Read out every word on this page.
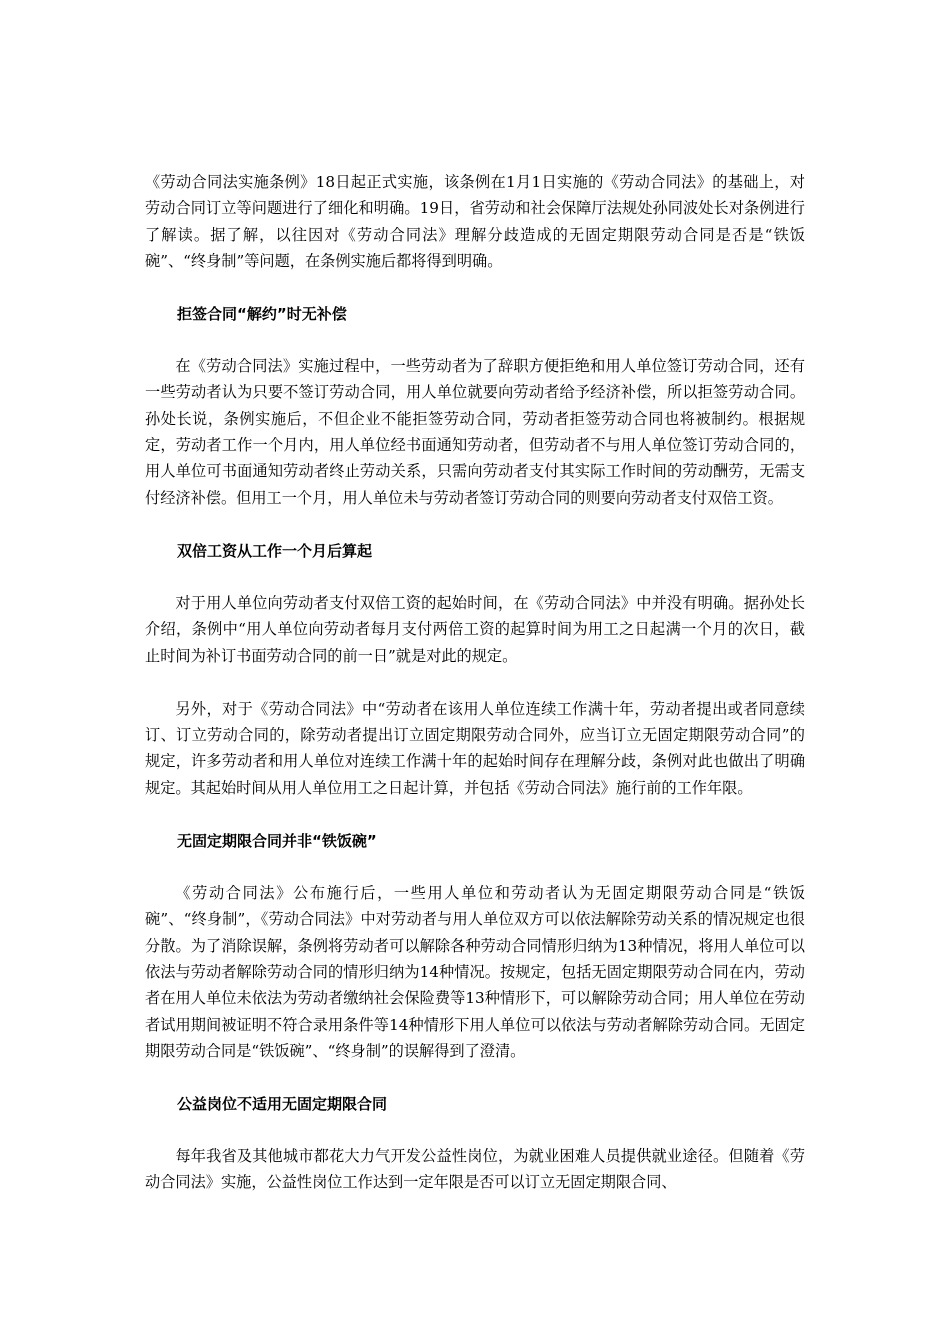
《劳动合同法实施条例》18日起正式实施，该条例在1月1日实施的《劳动合同法》的基础上，对劳动合同订立等问题进行了细化和明确。19日，省劳动和社会保障厅法规处孙同波处长对条例进行了解读。据了解，以往因对《劳动合同法》理解分歧造成的无固定期限劳动合同是否是“铁饭碗”、“终身制”等问题，在条例实施后都将得到明确。

拒签合同“解约”时无补偿

在《劳动合同法》实施过程中，一些劳动者为了辞职方便拒绝和用人单位签订劳动合同，还有一些劳动者认为只要不签订劳动合同，用人单位就要向劳动者给予经济补偿，所以拒签劳动合同。孙处长说，条例实施后，不但企业不能拒签劳动合同，劳动者拒签劳动合同也将被制约。根据规定，劳动者工作一个月内，用人单位经书面通知劳动者，但劳动者不与用人单位签订劳动合同的，用人单位可书面通知劳动者终止劳动关系，只需向劳动者支付其实际工作时间的劳动酬劳，无需支付经济补偿。但用工一个月，用人单位未与劳动者签订劳动合同的则要向劳动者支付双倍工资。

双倍工资从工作一个月后算起

对于用人单位向劳动者支付双倍工资的起始时间，在《劳动合同法》中并没有明确。据孙处长介绍，条例中“用人单位向劳动者每月支付两倍工资的起算时间为用工之日起满一个月的次日，截止时间为补订书面劳动合同的前一日”就是对此的规定。

另外，对于《劳动合同法》中“劳动者在该用人单位连续工作满十年，劳动者提出或者同意续订、订立劳动合同的，除劳动者提出订立固定期限劳动合同外，应当订立无固定期限劳动合同”的规定，许多劳动者和用人单位对连续工作满十年的起始时间存在理解分歧，条例对此也做出了明确规定。其起始时间从用人单位用工之日起计算，并包括《劳动合同法》施行前的工作年限。

无固定期限合同并非“铁饭碗”

《劳动合同法》公布施行后，一些用人单位和劳动者认为无固定期限劳动合同是“铁饭碗”、“终身制”，《劳动合同法》中对劳动者与用人单位双方可以依法解除劳动关系的情况规定也很分散。为了消除误解，条例将劳动者可以解除各种劳动合同情形归纳为13种情况，将用人单位可以依法与劳动者解除劳动合同的情形归纳为14种情况。按规定，包括无固定期限劳动合同在内，劳动者在用人单位未依法为劳动者缴纳社会保险费等13种情形下，可以解除劳动合同；用人单位在劳动者试用期间被证明不符合录用条件等14种情形下用人单位可以依法与劳动者解除劳动合同。无固定期限劳动合同是“铁饭碗”、“终身制”的误解得到了澄清。

公益岗位不适用无固定期限合同

每年我省及其他城市都花大力气开发公益性岗位，为就业困难人员提供就业途径。但随着《劳动合同法》实施，公益性岗位工作达到一定年限是否可以订立无固定期限合同、
